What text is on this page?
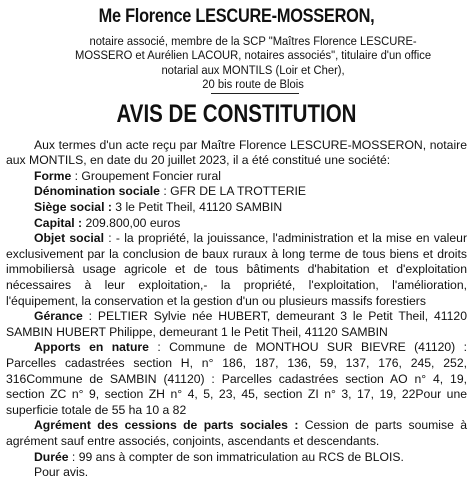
Me Florence LESCURE-MOSSERON,
notaire associé, membre de la SCP "Maîtres Florence LESCURE-MOSSERO et Aurélien LACOUR, notaires associés", titulaire d'un office notarial aux MONTILS (Loir et Cher),
20 bis route de Blois
AVIS DE CONSTITUTION

Aux termes d'un acte reçu par Maître Florence LESCURE-MOSSERON, notaire aux MONTILS, en date du 20 juillet 2023, il a été constitué une société:

Forme : Groupement Foncier rural

Dénomination sociale : GFR DE LA TROTTERIE

Siège social : 3 le Petit Theil, 41120 SAMBIN

Capital : 209.800,00 euros

Objet social : - la propriété, la jouissance, l'administration et la mise en valeur exclusivement par la conclusion de baux ruraux à long terme de tous biens et droits immobiliersà usage agricole et de tous bâtiments d'habitation et d'exploitation nécessaires à leur exploitation,- la propriété, l'exploitation, l'amélioration, l'équipement, la conservation et la gestion d'un ou plusieurs massifs forestiers

Gérance : PELTIER Sylvie née HUBERT, demeurant 3 le Petit Theil, 41120 SAMBIN HUBERT Philippe, demeurant 1 le Petit Theil, 41120 SAMBIN

Apports en nature : Commune de MONTHOU SUR BIEVRE (41120) : Parcelles cadastrées section H, n° 186, 187, 136, 59, 137, 176, 245, 252, 316Commune de SAMBIN (41120) : Parcelles cadastrées section AO n° 4, 19, section ZC n° 9, section ZH n° 4, 5, 23, 45, section ZI n° 3, 17, 19, 22Pour une superficie totale de 55 ha 10 a 82

Agrément des cessions de parts sociales : Cession de parts soumise à agrément sauf entre associés, conjoints, ascendants et descendants.

Durée : 99 ans à compter de son immatriculation au RCS de BLOIS.

Pour avis.
